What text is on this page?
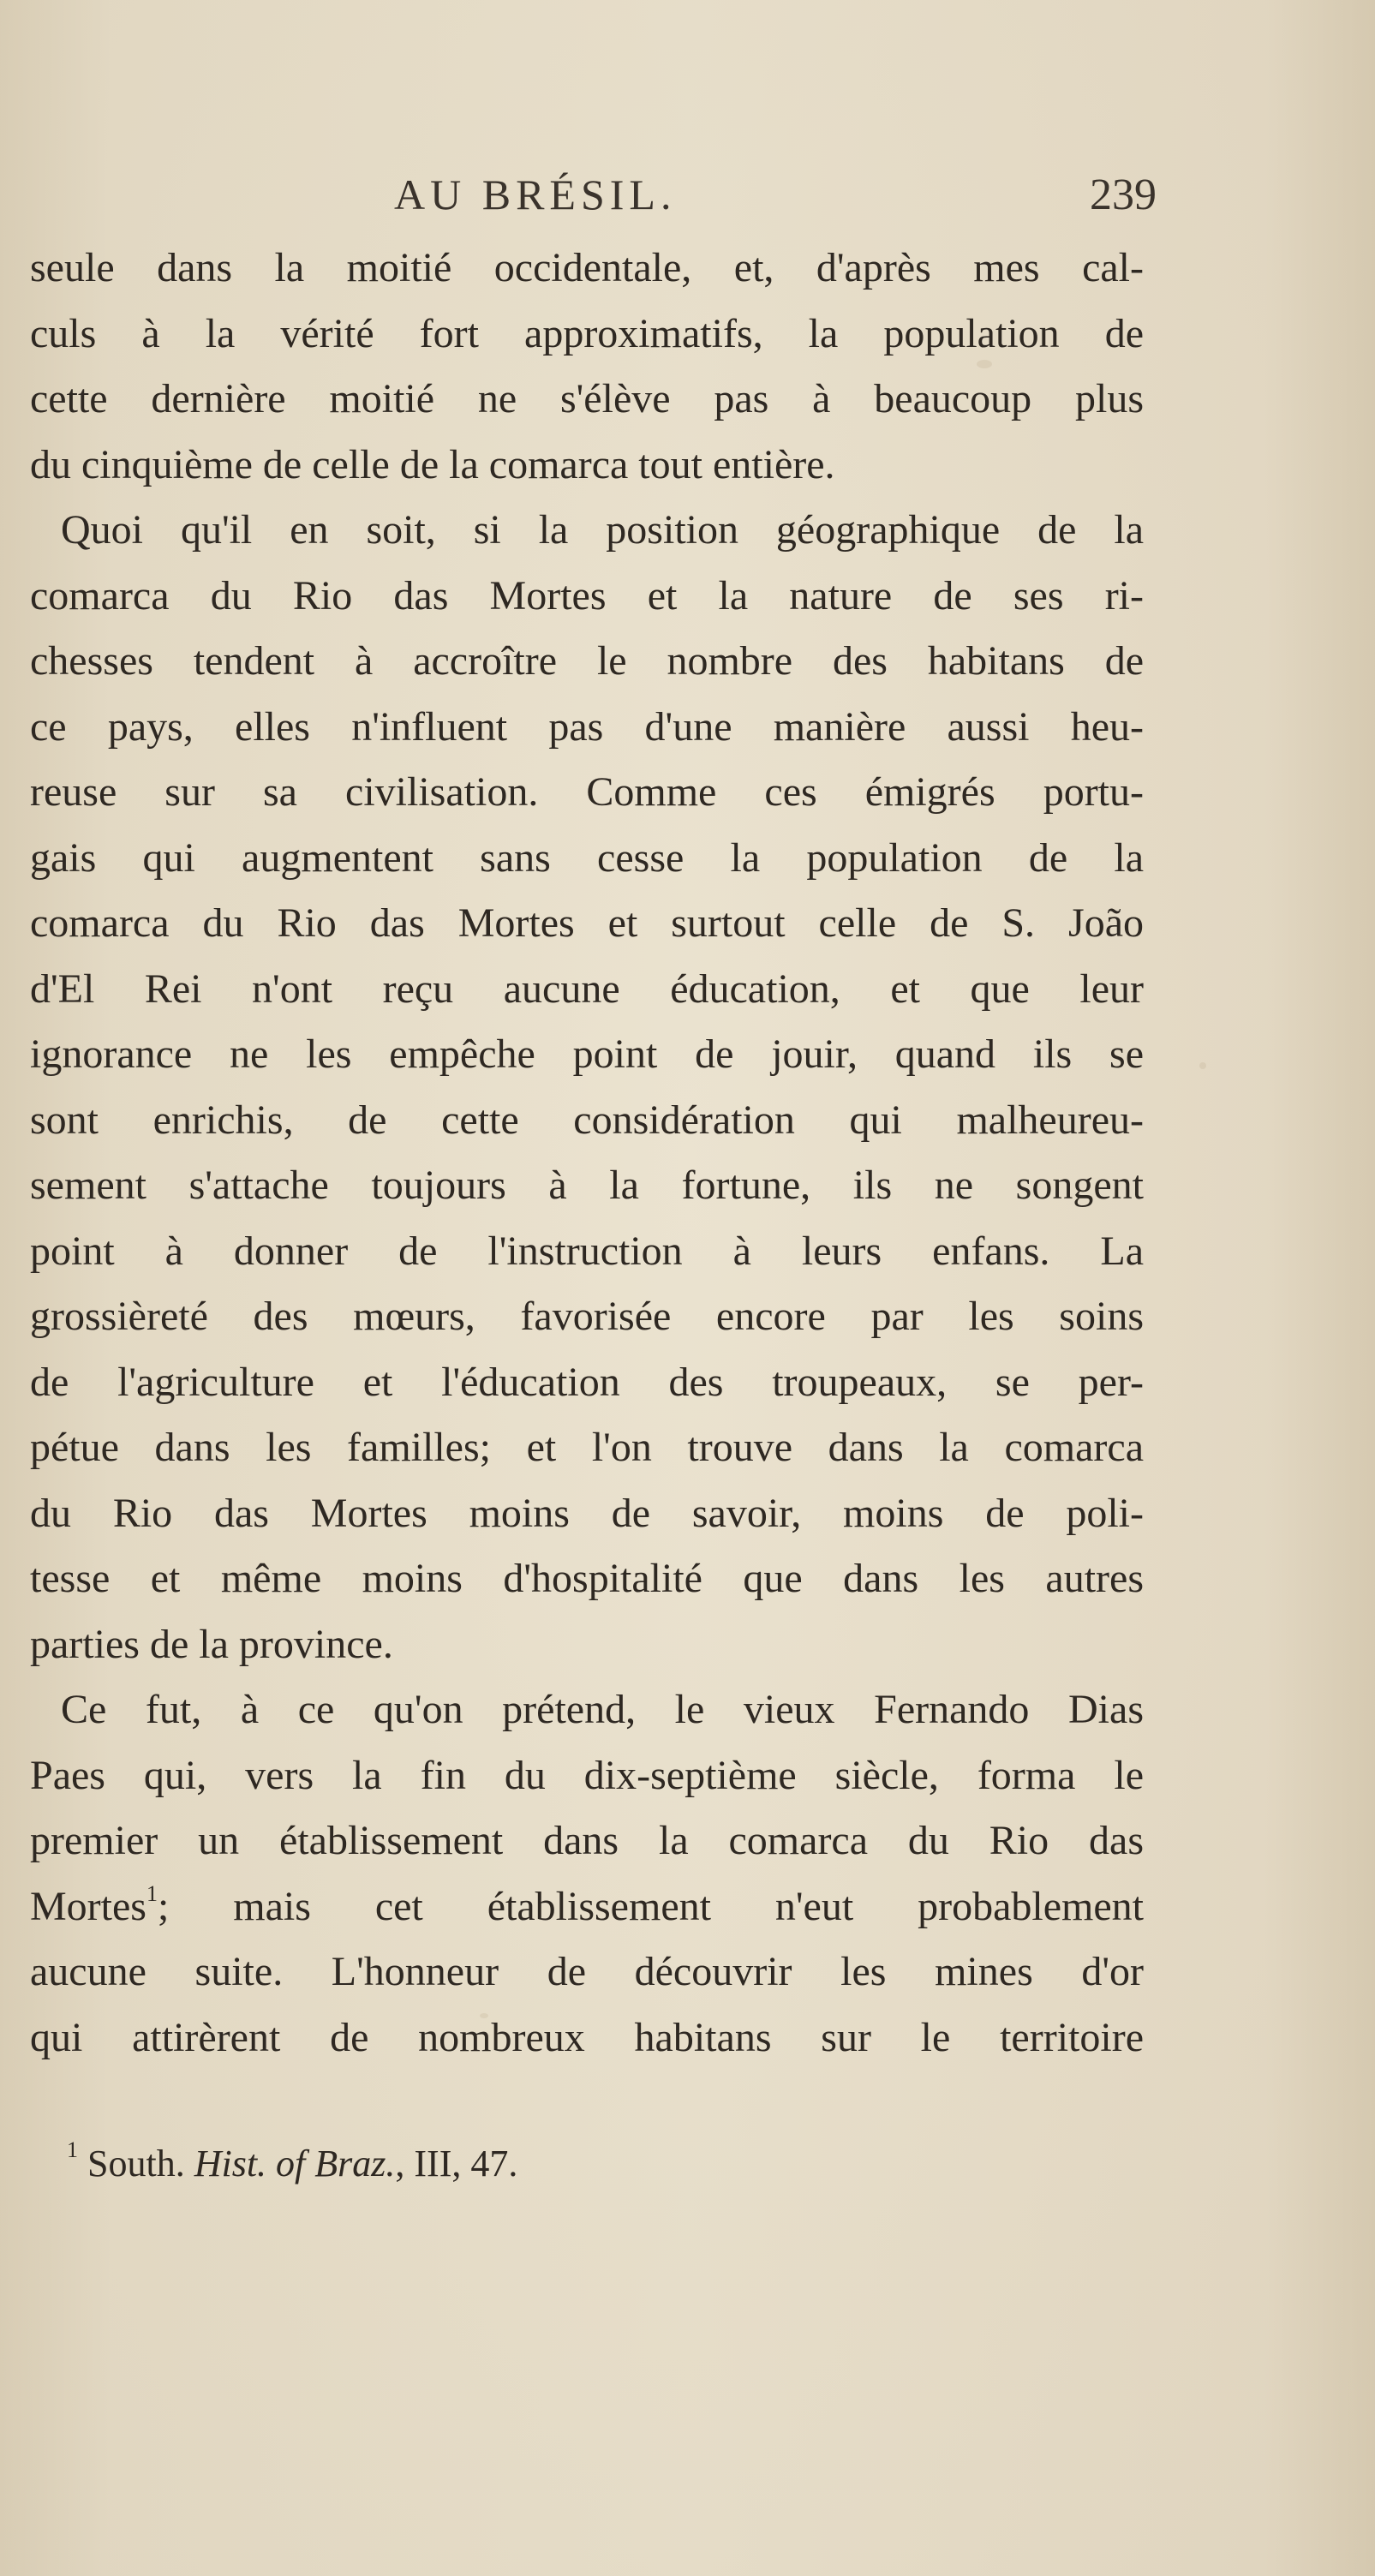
AU BRÉSIL.	239
seule dans la moitié occidentale, et, d'après mes cal-
culs à la vérité fort approximatifs, la population de
cette dernière moitié ne s'élève pas à beaucoup plus
du cinquième de celle de la comarca tout entière.
Quoi qu'il en soit, si la position géographique de la
comarca du Rio das Mortes et la nature de ses ri-
chesses tendent à accroître le nombre des habitans de
ce pays, elles n'influent pas d'une manière aussi heu-
reuse sur sa civilisation. Comme ces émigrés portu-
gais qui augmentent sans cesse la population de la
comarca du Rio das Mortes et surtout celle de S. João
d'El Rei n'ont reçu aucune éducation, et que leur
ignorance ne les empêche point de jouir, quand ils se
sont enrichis, de cette considération qui malheureu-
sement s'attache toujours à la fortune, ils ne songent
point à donner de l'instruction à leurs enfans. La
grossièreté des mœurs, favorisée encore par les soins
de l'agriculture et l'éducation des troupeaux, se per-
pétue dans les familles; et l'on trouve dans la comarca
du Rio das Mortes moins de savoir, moins de poli-
tesse et même moins d'hospitalité que dans les autres
parties de la province.
Ce fut, à ce qu'on prétend, le vieux Fernando Dias
Paes qui, vers la fin du dix-septième siècle, forma le
premier un établissement dans la comarca du Rio das
Mortes$^1$; mais cet établissement n'eut probablement
aucune suite. L'honneur de découvrir les mines d'or
qui attirèrent de nombreux habitans sur le territoire
$^1$ South. Hist. of Braz., III, 47.
